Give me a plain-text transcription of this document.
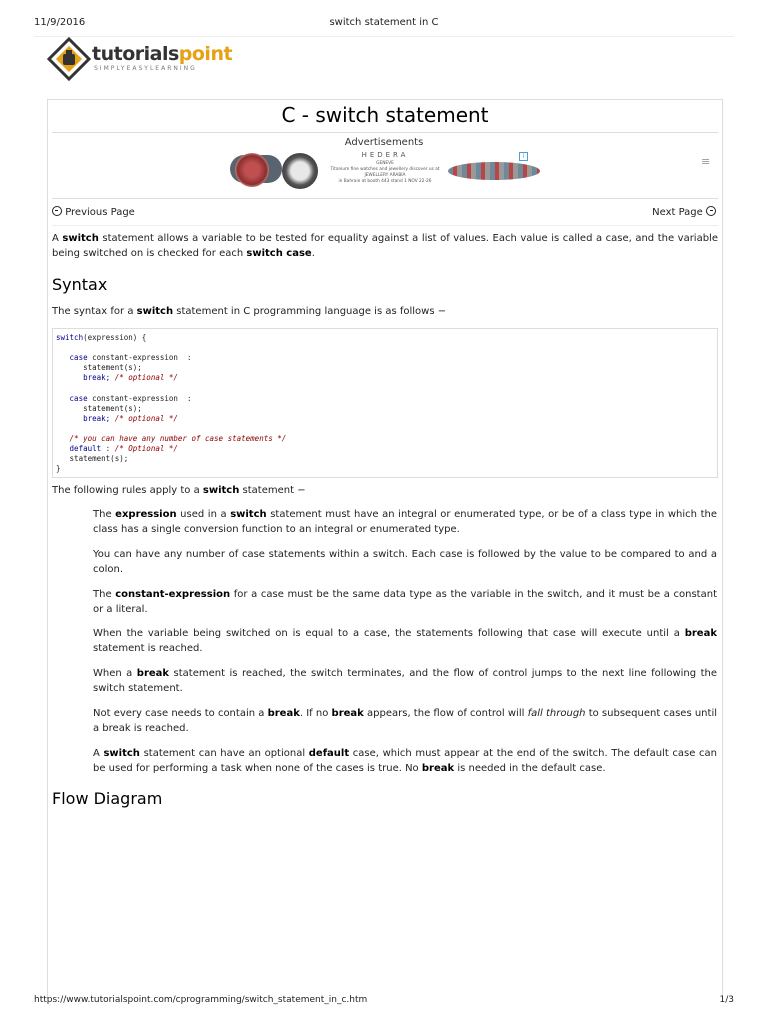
11/9/2016	switch statement in C
tutorialspoint
SIMPLYEASYLEARNING
C - switch statement
Advertisements
HEDERA
GENEVE
Titanium fine watches and jewellery discover us at
JEWELLERY ARABIA
in Bahrain at booth 443 stand 1 NOV 22-26
i	≡
Previous Page	Next Page
A switch statement allows a variable to be tested for equality against a list of values. Each value is called a case, and the variable being switched on is checked for each switch case.
Syntax
The syntax for a switch statement in C programming language is as follows −
switch(expression) {

case constant-expression  :
statement(s);
break; /* optional */

case constant-expression  :
statement(s);
break; /* optional */

/* you can have any number of case statements */
default : /* Optional */
statement(s);
}
The following rules apply to a switch statement −
The expression used in a switch statement must have an integral or enumerated type, or be of a class type in which the class has a single conversion function to an integral or enumerated type.
You can have any number of case statements within a switch. Each case is followed by the value to be compared to and a colon.
The constant-expression for a case must be the same data type as the variable in the switch, and it must be a constant or a literal.
When the variable being switched on is equal to a case, the statements following that case will execute until a break statement is reached.
When a break statement is reached, the switch terminates, and the flow of control jumps to the next line following the switch statement.
Not every case needs to contain a break. If no break appears, the flow of control will fall through to subsequent cases until a break is reached.
A switch statement can have an optional default case, which must appear at the end of the switch. The default case can be used for performing a task when none of the cases is true. No break is needed in the default case.
Flow Diagram
https://www.tutorialspoint.com/cprogramming/switch_statement_in_c.htm	1/3
